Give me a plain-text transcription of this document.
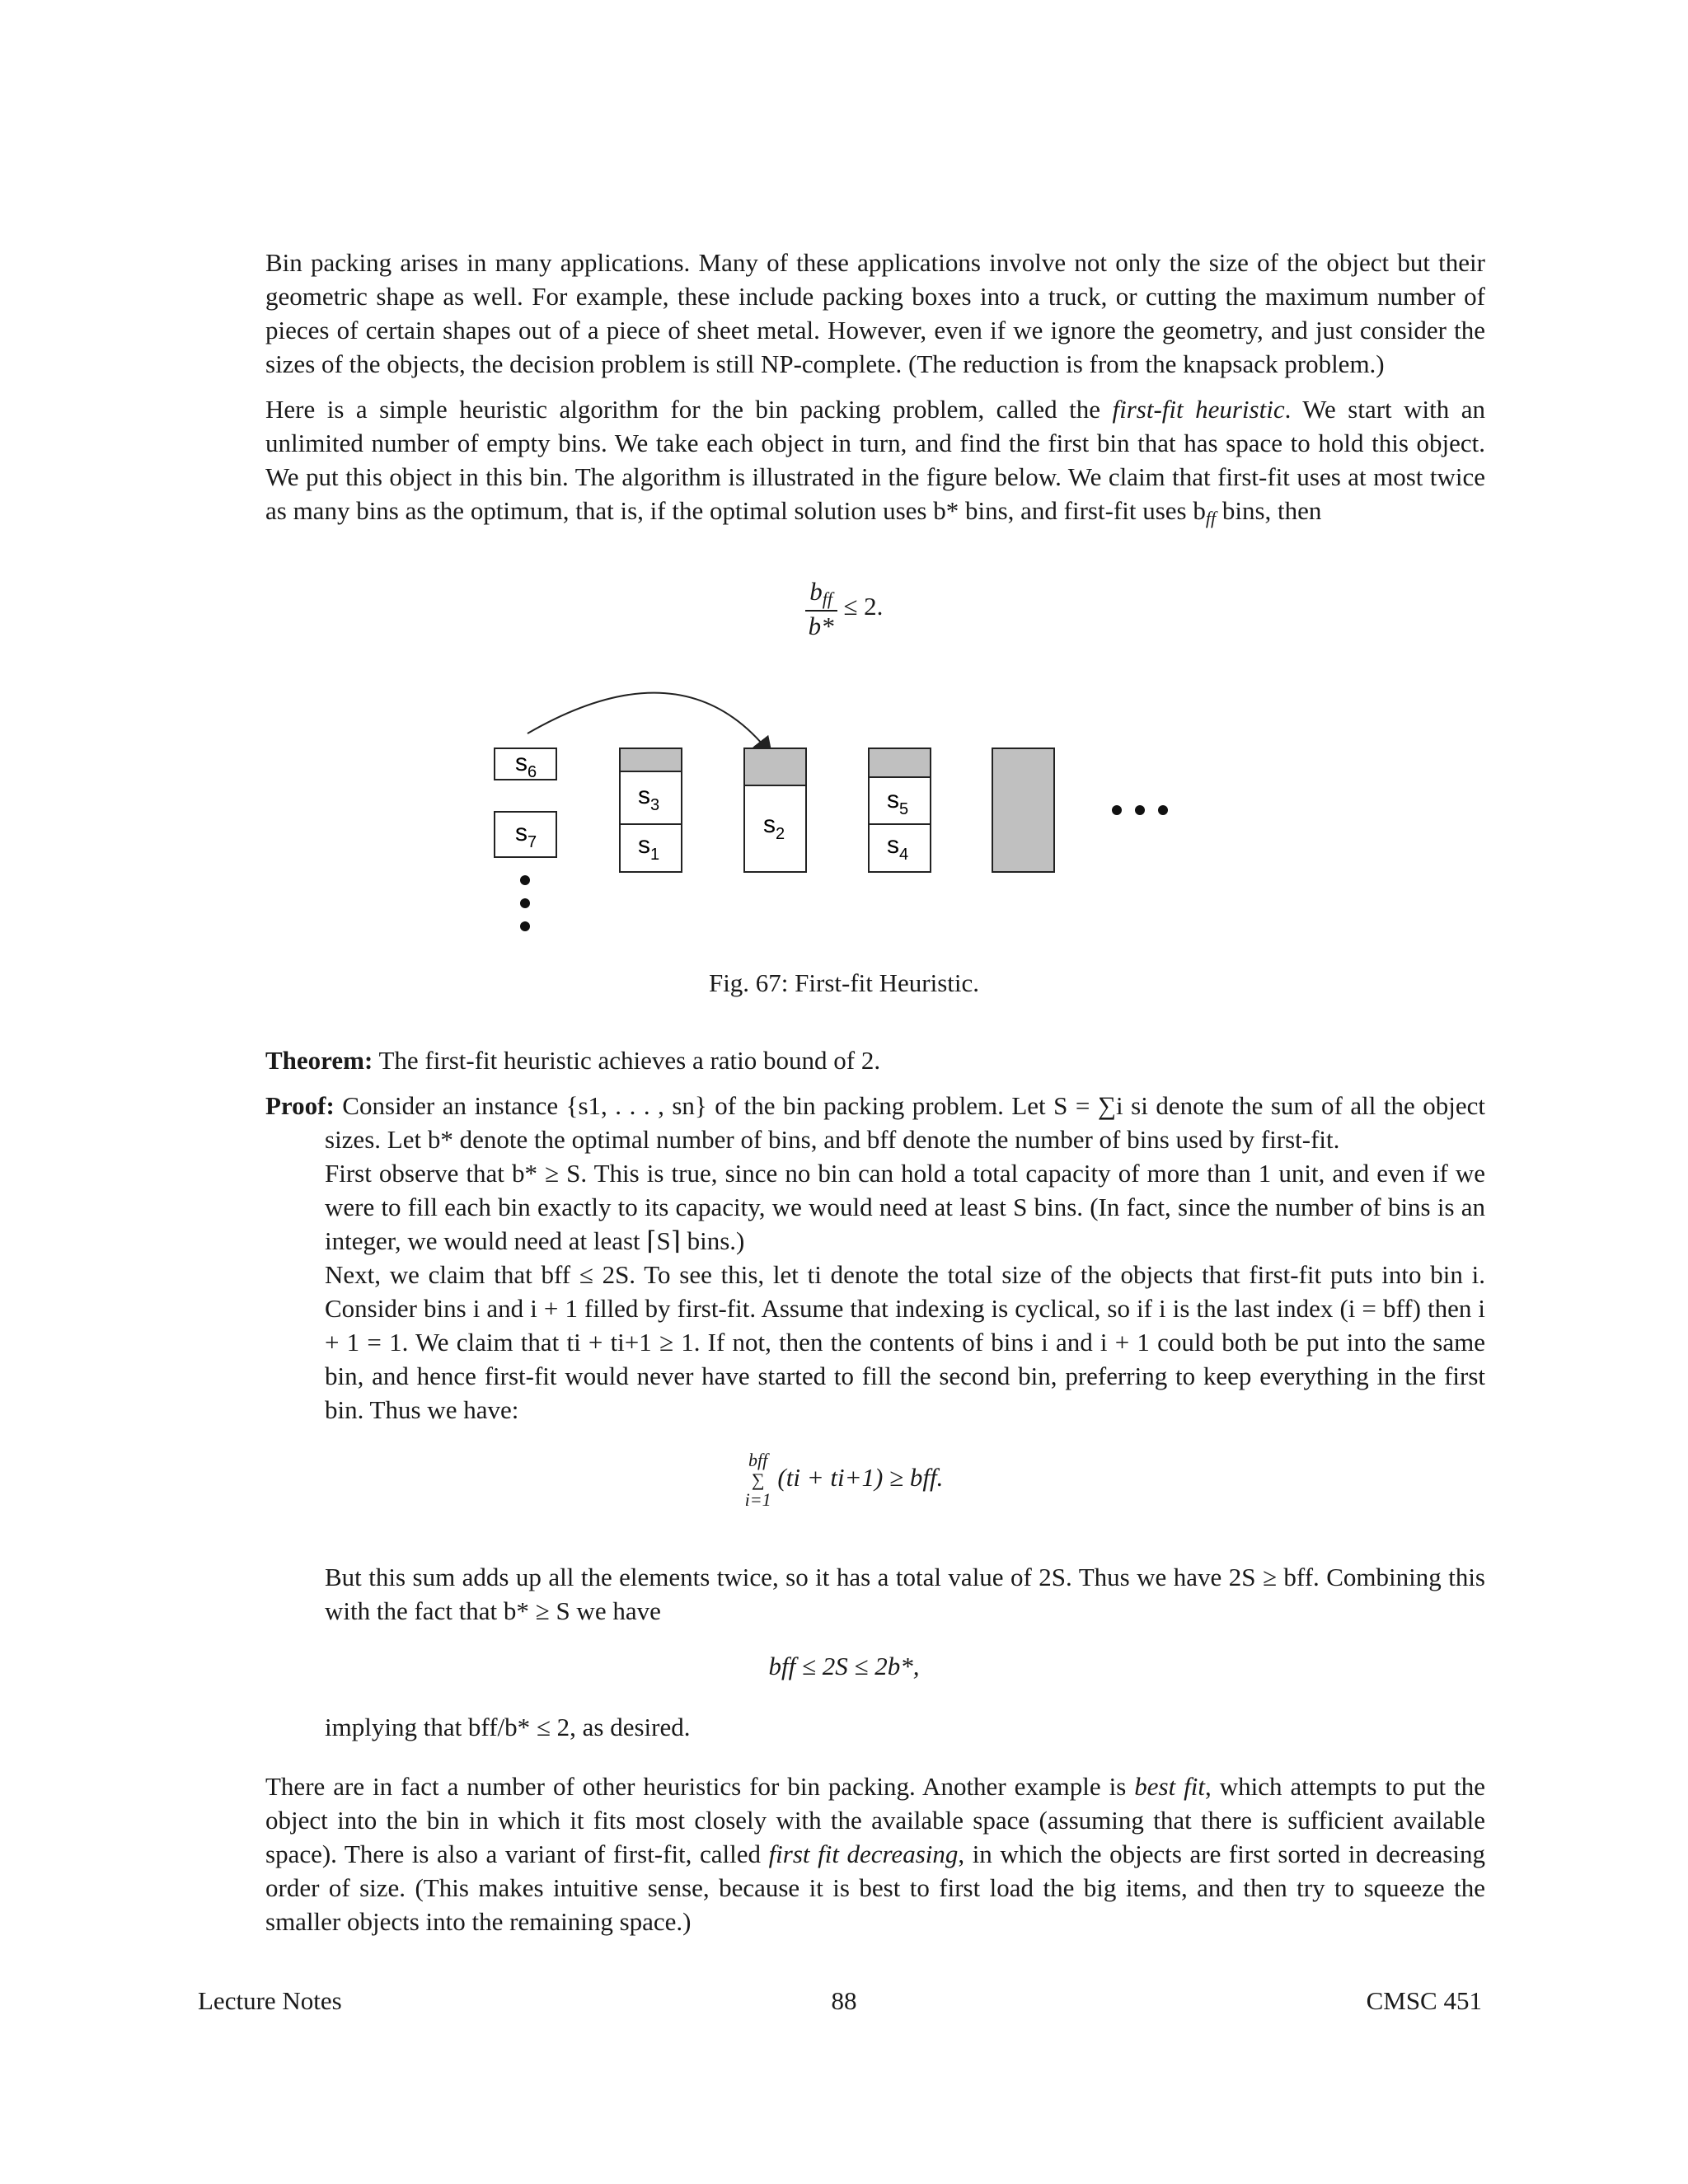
Bin packing arises in many applications. Many of these applications involve not only the size of the object but their geometric shape as well. For example, these include packing boxes into a truck, or cutting the maximum number of pieces of certain shapes out of a piece of sheet metal. However, even if we ignore the geometry, and just consider the sizes of the objects, the decision problem is still NP-complete. (The reduction is from the knapsack problem.)

Here is a simple heuristic algorithm for the bin packing problem, called the first-fit heuristic. We start with an unlimited number of empty bins. We take each object in turn, and find the first bin that has space to hold this object. We put this object in this bin. The algorithm is illustrated in the figure below. We claim that first-fit uses at most twice as many bins as the optimum, that is, if the optimal solution uses b* bins, and first-fit uses $b_{ff}$ bins, then

$\frac{b_{ff}}{b*} \le 2$.
$s_6$
$s_7$
$s_3$
$s_1$
$s_2$
$s_5$
$s_4$
Fig. 67: First-fit Heuristic.

Theorem: The first-fit heuristic achieves a ratio bound of 2.

Proof: Consider an instance {s1, . . . , sn} of the bin packing problem. Let S = ∑i si denote the sum of all the object sizes. Let b* denote the optimal number of bins, and bff denote the number of bins used by first-fit.

First observe that b* ≥ S. This is true, since no bin can hold a total capacity of more than 1 unit, and even if we were to fill each bin exactly to its capacity, we would need at least S bins. (In fact, since the number of bins is an integer, we would need at least ⌈S⌉ bins.)

Next, we claim that bff ≤ 2S. To see this, let ti denote the total size of the objects that first-fit puts into bin i. Consider bins i and i + 1 filled by first-fit. Assume that indexing is cyclical, so if i is the last index (i = bff) then i + 1 = 1. We claim that ti + ti+1 ≥ 1. If not, then the contents of bins i and i + 1 could both be put into the same bin, and hence first-fit would never have started to fill the second bin, preferring to keep everything in the first bin. Thus we have:

bff
∑
i=1
(ti + ti+1) ≥ bff.

But this sum adds up all the elements twice, so it has a total value of 2S. Thus we have 2S ≥ bff. Combining this with the fact that b* ≥ S we have

bff ≤ 2S ≤ 2b*,

implying that bff/b* ≤ 2, as desired.

There are in fact a number of other heuristics for bin packing. Another example is best fit, which attempts to put the object into the bin in which it fits most closely with the available space (assuming that there is sufficient available space). There is also a variant of first-fit, called first fit decreasing, in which the objects are first sorted in decreasing order of size. (This makes intuitive sense, because it is best to first load the big items, and then try to squeeze the smaller objects into the remaining space.)

Lecture Notes	88	CMSC 451
